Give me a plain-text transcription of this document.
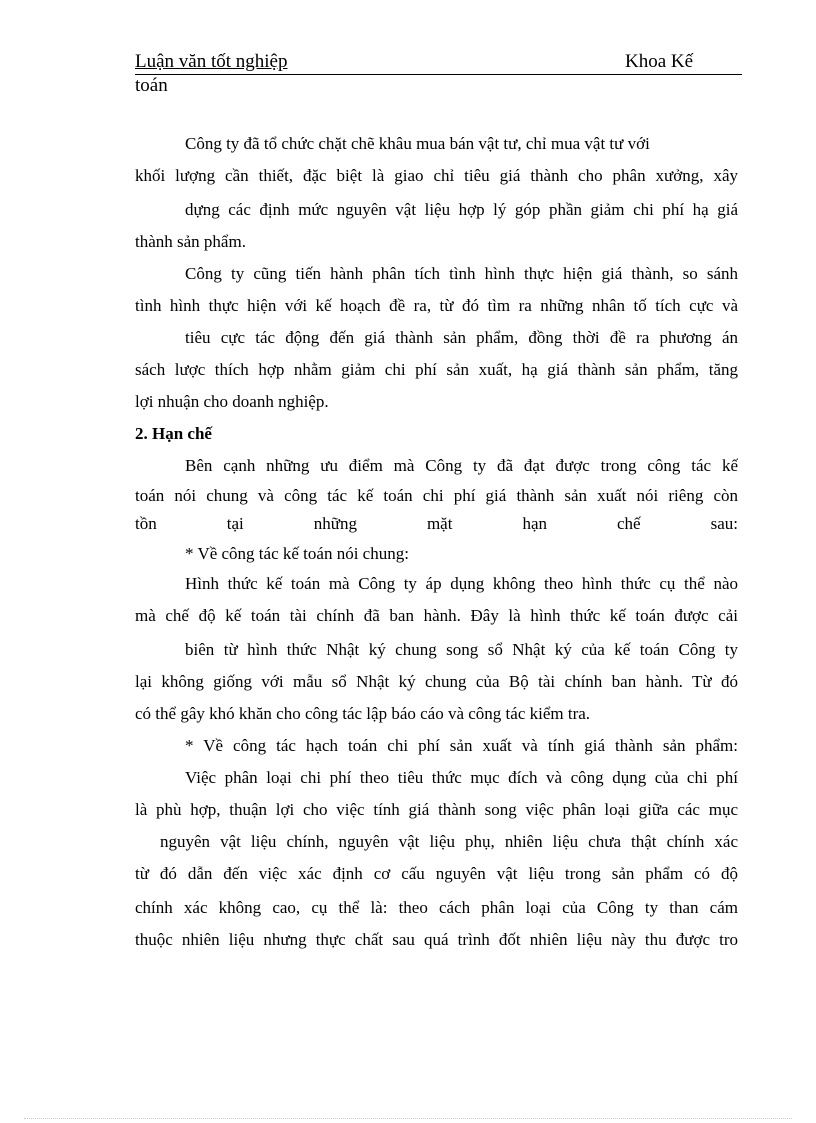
Luận văn tốt nghiệp	Khoa Kế
toán
Công ty đã tổ chức chặt chẽ khâu mua bán vật tư, chỉ mua vật tư với
khối lượng cần thiết, đặc biệt là giao chỉ tiêu giá thành cho phân xưởng, xây
dựng các định mức nguyên vật liệu hợp lý góp phần giảm chi phí hạ giá
thành sản phẩm.
Công ty cũng tiến hành phân tích tình hình thực hiện giá thành, so sánh
tình hình thực hiện với kế hoạch đề ra, từ đó tìm ra những nhân tố tích cực và
tiêu cực tác động đến giá thành sản phẩm, đồng thời đề ra phương án
sách lược thích hợp nhằm giảm chi phí sản xuất, hạ giá thành sản phẩm, tăng
lợi nhuận cho doanh nghiệp.
2. Hạn chế
Bên cạnh những ưu điểm mà Công ty đã đạt được trong công tác kế
toán nói chung và công tác kế toán chi phí giá thành sản xuất nói riêng còn
tồn tại những mặt hạn chế sau:
* Về công tác kế toán nói chung:
Hình thức kế toán mà Công ty áp dụng không theo hình thức cụ thể nào
mà chế độ kế toán tài chính đã ban hành. Đây là hình thức kế toán được cải
biên từ hình thức Nhật ký chung song sổ Nhật ký của kế toán Công ty
lại không giống với mẫu sổ Nhật ký chung của Bộ tài chính ban hành. Từ đó
có thể gây khó khăn cho công tác lập báo cáo và công tác kiểm tra.
* Về công tác hạch toán chi phí sản xuất và tính giá thành sản phẩm:
Việc phân loại chi phí theo tiêu thức mục đích và công dụng của chi phí
là phù hợp, thuận lợi cho việc tính giá thành song việc phân loại giữa các mục
nguyên vật liệu chính, nguyên vật liệu phụ, nhiên liệu chưa thật chính xác
từ đó dẫn đến việc xác định cơ cấu nguyên vật liệu trong sản phẩm có độ
chính xác không cao, cụ thể là: theo cách phân loại của Công ty than cám
thuộc nhiên liệu nhưng thực chất sau quá trình đốt nhiên liệu này thu được tro
